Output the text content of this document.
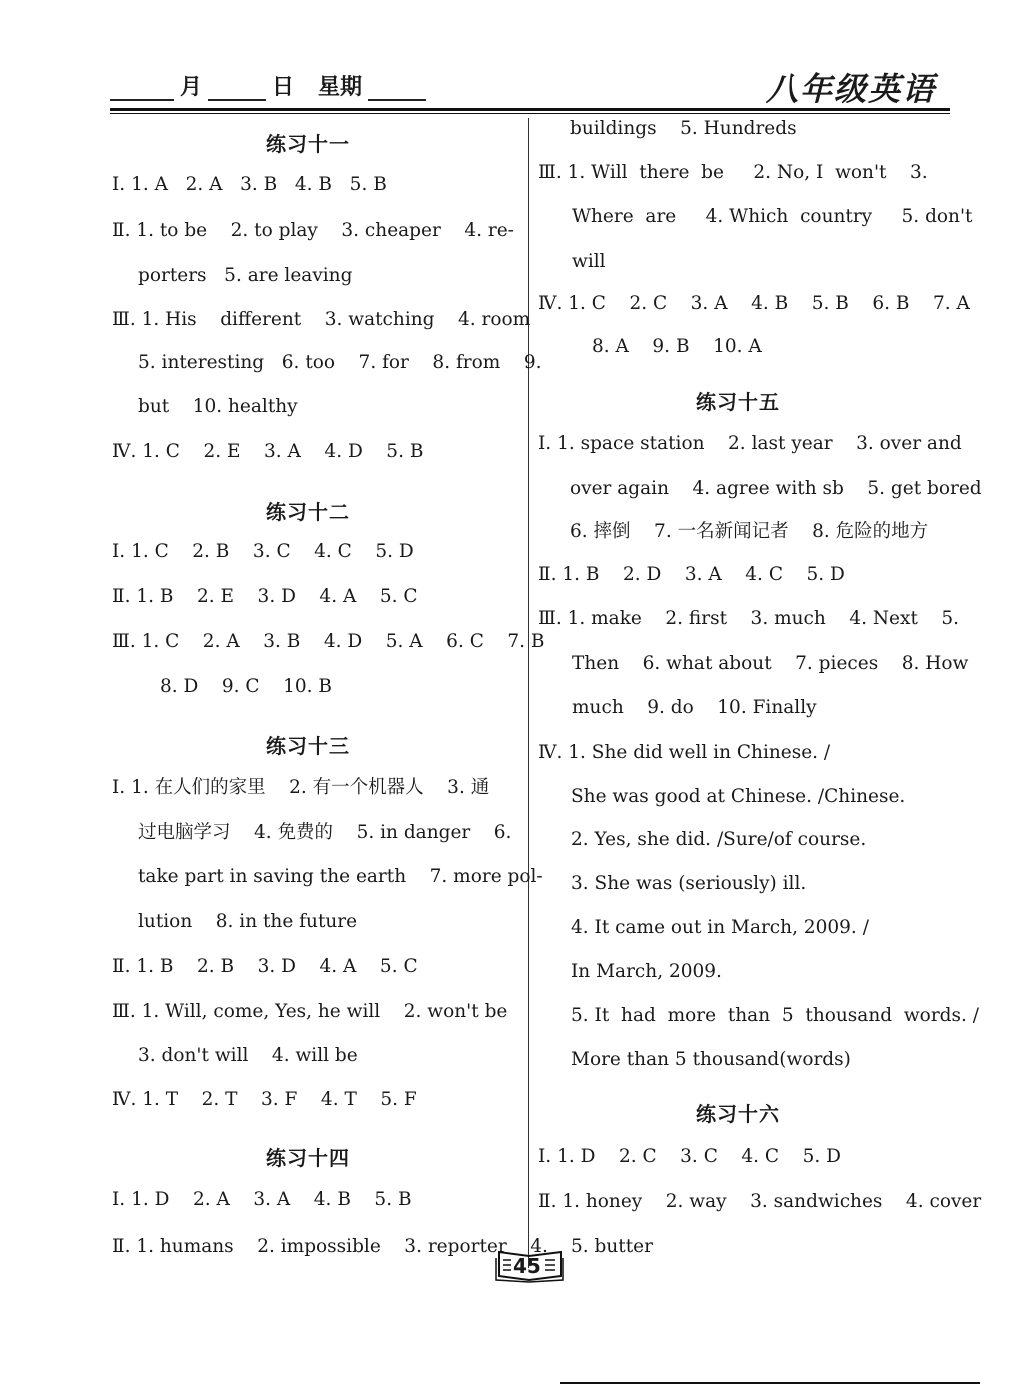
月	日 星期	八年级英语
练习十一
Ⅰ. 1. A   2. A   3. B   4. B   5. B
Ⅱ. 1. to be    2. to play    3. cheaper    4. re-
porters   5. are leaving
Ⅲ. 1. His    different    3. watching    4. room
5. interesting   6. too    7. for    8. from    9.
but    10. healthy
Ⅳ. 1. C    2. E    3. A    4. D    5. B
练习十二
Ⅰ. 1. C    2. B    3. C    4. C    5. D
Ⅱ. 1. B    2. E    3. D    4. A    5. C
Ⅲ. 1. C    2. A    3. B    4. D    5. A    6. C    7. B
8. D    9. C    10. B
练习十三
Ⅰ. 1. 在人们的家里    2. 有一个机器人    3. 通
过电脑学习    4. 免费的    5. in danger    6.
take part in saving the earth    7. more pol-
lution    8. in the future
Ⅱ. 1. B    2. B    3. D    4. A    5. C
Ⅲ. 1. Will, come, Yes, he will    2. won't be
3. don't will    4. will be
Ⅳ. 1. T    2. T    3. F    4. T    5. F
练习十四
Ⅰ. 1. D    2. A    3. A    4. B    5. B
Ⅱ. 1. humans    2. impossible    3. reporter    4.
buildings    5. Hundreds
Ⅲ. 1. Will  there  be     2. No, I  won't    3.
Where  are     4. Which  country     5. don't
will
Ⅳ. 1. C    2. C    3. A    4. B    5. B    6. B    7. A
8. A    9. B    10. A
练习十五
Ⅰ. 1. space station    2. last year    3. over and
over again    4. agree with sb    5. get bored
6. 摔倒    7. 一名新闻记者    8. 危险的地方
Ⅱ. 1. B    2. D    3. A    4. C    5. D
Ⅲ. 1. make    2. first    3. much    4. Next    5.
Then    6. what about    7. pieces    8. How
much    9. do    10. Finally
Ⅳ. 1. She did well in Chinese. /
She was good at Chinese. /Chinese.
2. Yes, she did. /Sure/of course.
3. She was (seriously) ill.
4. It came out in March, 2009. /
In March, 2009.
5. It  had  more  than  5  thousand  words. /
More than 5 thousand(words)
练习十六
Ⅰ. 1. D    2. C    3. C    4. C    5. D
Ⅱ. 1. honey    2. way    3. sandwiches    4. cover
5. butter
45
